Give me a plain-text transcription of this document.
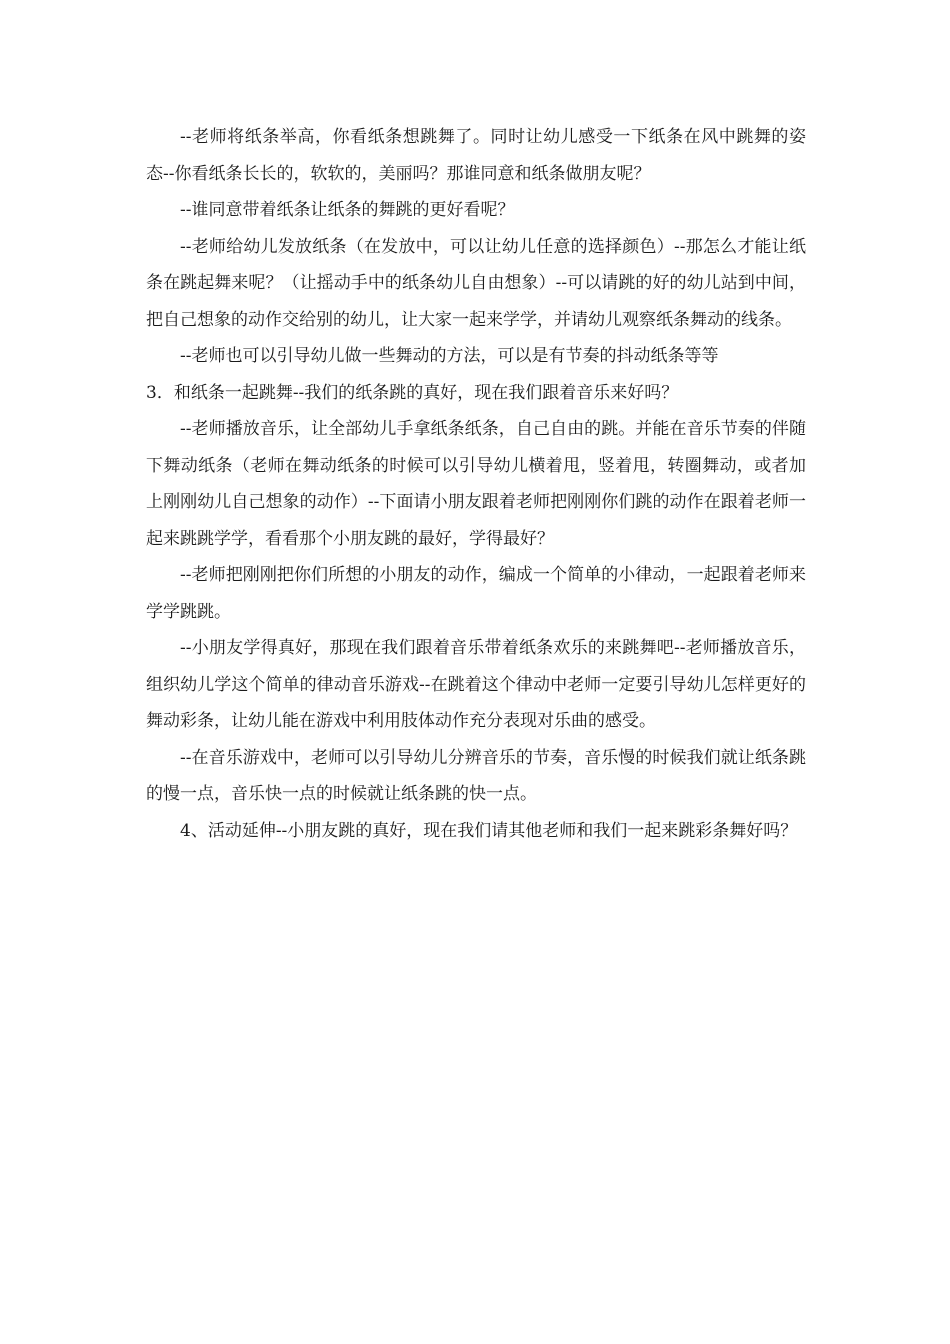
--老师将纸条举高，你看纸条想跳舞了。同时让幼儿感受一下纸条在风中跳舞的姿态--你看纸条长长的，软软的，美丽吗？那谁同意和纸条做朋友呢？

--谁同意带着纸条让纸条的舞跳的更好看呢？

--老师给幼儿发放纸条（在发放中，可以让幼儿任意的选择颜色）--那怎么才能让纸条在跳起舞来呢？（让摇动手中的纸条幼儿自由想象）--可以请跳的好的幼儿站到中间，把自己想象的动作交给别的幼儿，让大家一起来学学，并请幼儿观察纸条舞动的线条。

--老师也可以引导幼儿做一些舞动的方法，可以是有节奏的抖动纸条等等

3．和纸条一起跳舞--我们的纸条跳的真好，现在我们跟着音乐来好吗？

--老师播放音乐，让全部幼儿手拿纸条纸条，自己自由的跳。并能在音乐节奏的伴随下舞动纸条（老师在舞动纸条的时候可以引导幼儿横着甩，竖着甩，转圈舞动，或者加上刚刚幼儿自己想象的动作）--下面请小朋友跟着老师把刚刚你们跳的动作在跟着老师一起来跳跳学学，看看那个小朋友跳的最好，学得最好？

--老师把刚刚把你们所想的小朋友的动作，编成一个简单的小律动，一起跟着老师来学学跳跳。

--小朋友学得真好，那现在我们跟着音乐带着纸条欢乐的来跳舞吧--老师播放音乐，组织幼儿学这个简单的律动音乐游戏--在跳着这个律动中老师一定要引导幼儿怎样更好的舞动彩条，让幼儿能在游戏中利用肢体动作充分表现对乐曲的感受。

--在音乐游戏中，老师可以引导幼儿分辨音乐的节奏，音乐慢的时候我们就让纸条跳的慢一点，音乐快一点的时候就让纸条跳的快一点。

4、活动延伸--小朋友跳的真好，现在我们请其他老师和我们一起来跳彩条舞好吗？
